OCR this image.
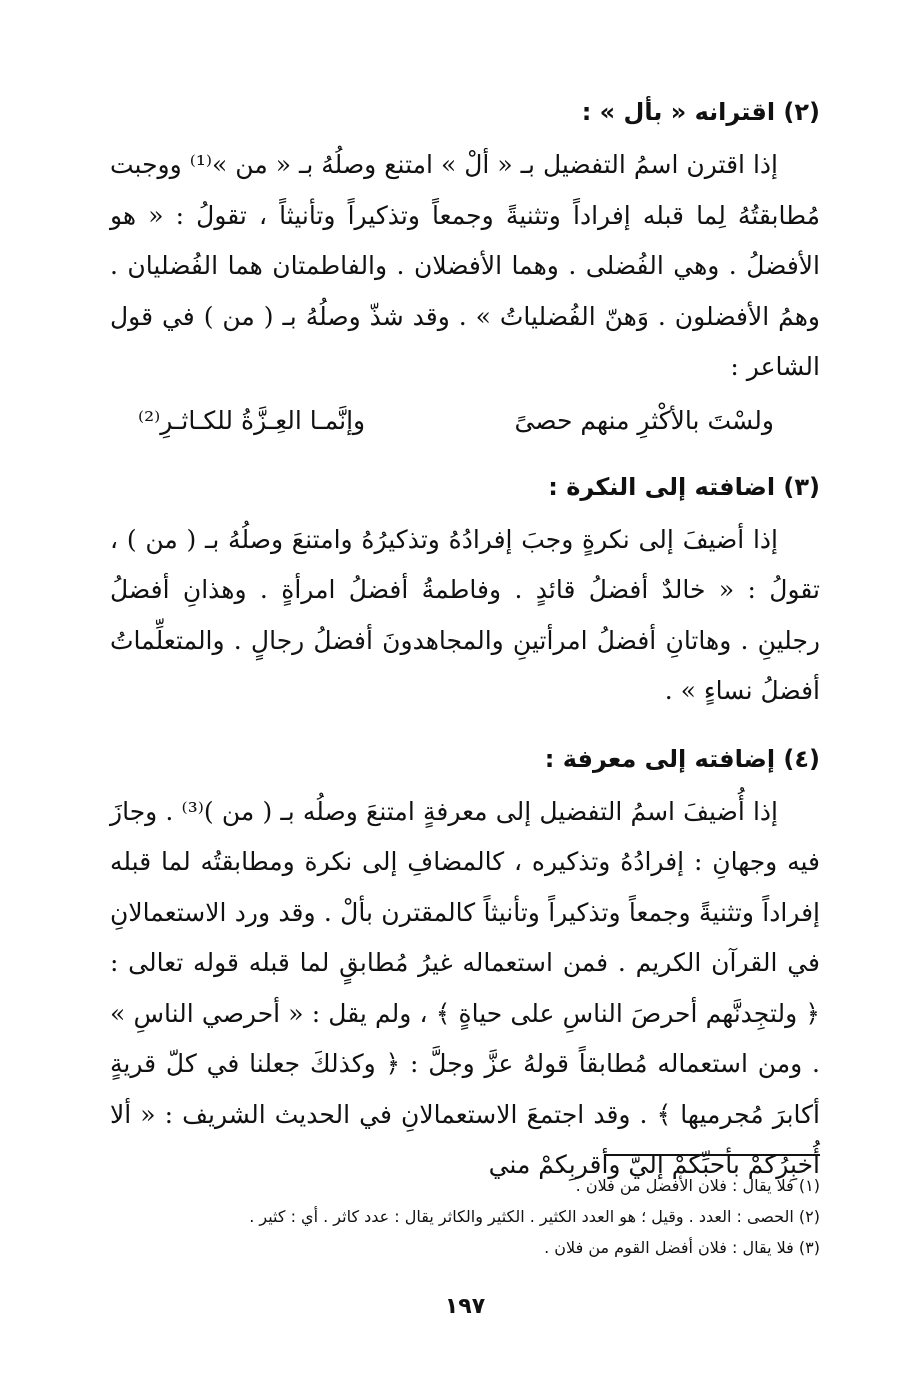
(٢) اقترانه « بأل » :

إذا اقترن اسمُ التفضيل بـ « ألْ » امتنع وصلُهُ بـ « من »⁽¹⁾ ووجبت مُطابقتُهُ لِما قبله إفراداً وتثنيةً وجمعاً وتذكيراً وتأنيثاً ، تقولُ : « هو الأفضلُ . وهي الفُضلى . وهما الأفضلان . والفاطمتان هما الفُضليان . وهمُ الأفضلون . وَهنّ الفُضلياتُ » . وقد شذّ وصلُهُ بـ ( من ) في قول الشاعر :

ولسْتَ بالأكْثرِ منهم حصىً
وإنَّمـا العِـزَّةُ للكـاثـرِ⁽²⁾
(٣) اضافته إلى النكرة :

إذا أضيفَ إلى نكرةٍ وجبَ إفرادُهُ وتذكيرُهُ وامتنعَ وصلُهُ بـ ( من ) ، تقولُ : « خالدٌ أفضلُ قائدٍ . وفاطمةُ أفضلُ امرأةٍ . وهذانِ أفضلُ رجلينِ . وهاتانِ أفضلُ امرأتينِ والمجاهدونَ أفضلُ رجالٍ . والمتعلِّماتُ أفضلُ نساءٍ » .

(٤) إضافته إلى معرفة :

إذا أُضيفَ اسمُ التفضيل إلى معرفةٍ امتنعَ وصلُه بـ ( من )⁽³⁾ . وجازَ فيه وجهانِ : إفرادُهُ وتذكيره ، كالمضافِ إلى نكرة ومطابقتُه لما قبله إفراداً وتثنيةً وجمعاً وتذكيراً وتأنيثاً كالمقترن بألْ . وقد ورد الاستعمالانِ في القرآن الكريم . فمن استعماله غيرُ مُطابقٍ لما قبله قوله تعالى : ﴿ ولتجِدنَّهم أحرصَ الناسِ على حياةٍ ﴾ ، ولم يقل : « أحرصي الناسِ » . ومن استعماله مُطابقاً قولهُ عزَّ وجلَّ : ﴿ وكذلكَ جعلنا في كلّ قريةٍ أكابرَ مُجرميها ﴾ . وقد اجتمعَ الاستعمالانِ في الحديث الشريف : « ألا أُخبِرُكمْ بأحبِّكمْ إليّ وأقربِكمْ مني

(١) فلا يقال : فلان الأفضل من فلان .
(٢) الحصى : العدد . وقيل ؛ هو العدد الكثير . الكثير والكاثر يقال : عدد كاثر . أي : كثير .
(٣) فلا يقال : فلان أفضل القوم من فلان .
١٩٧
